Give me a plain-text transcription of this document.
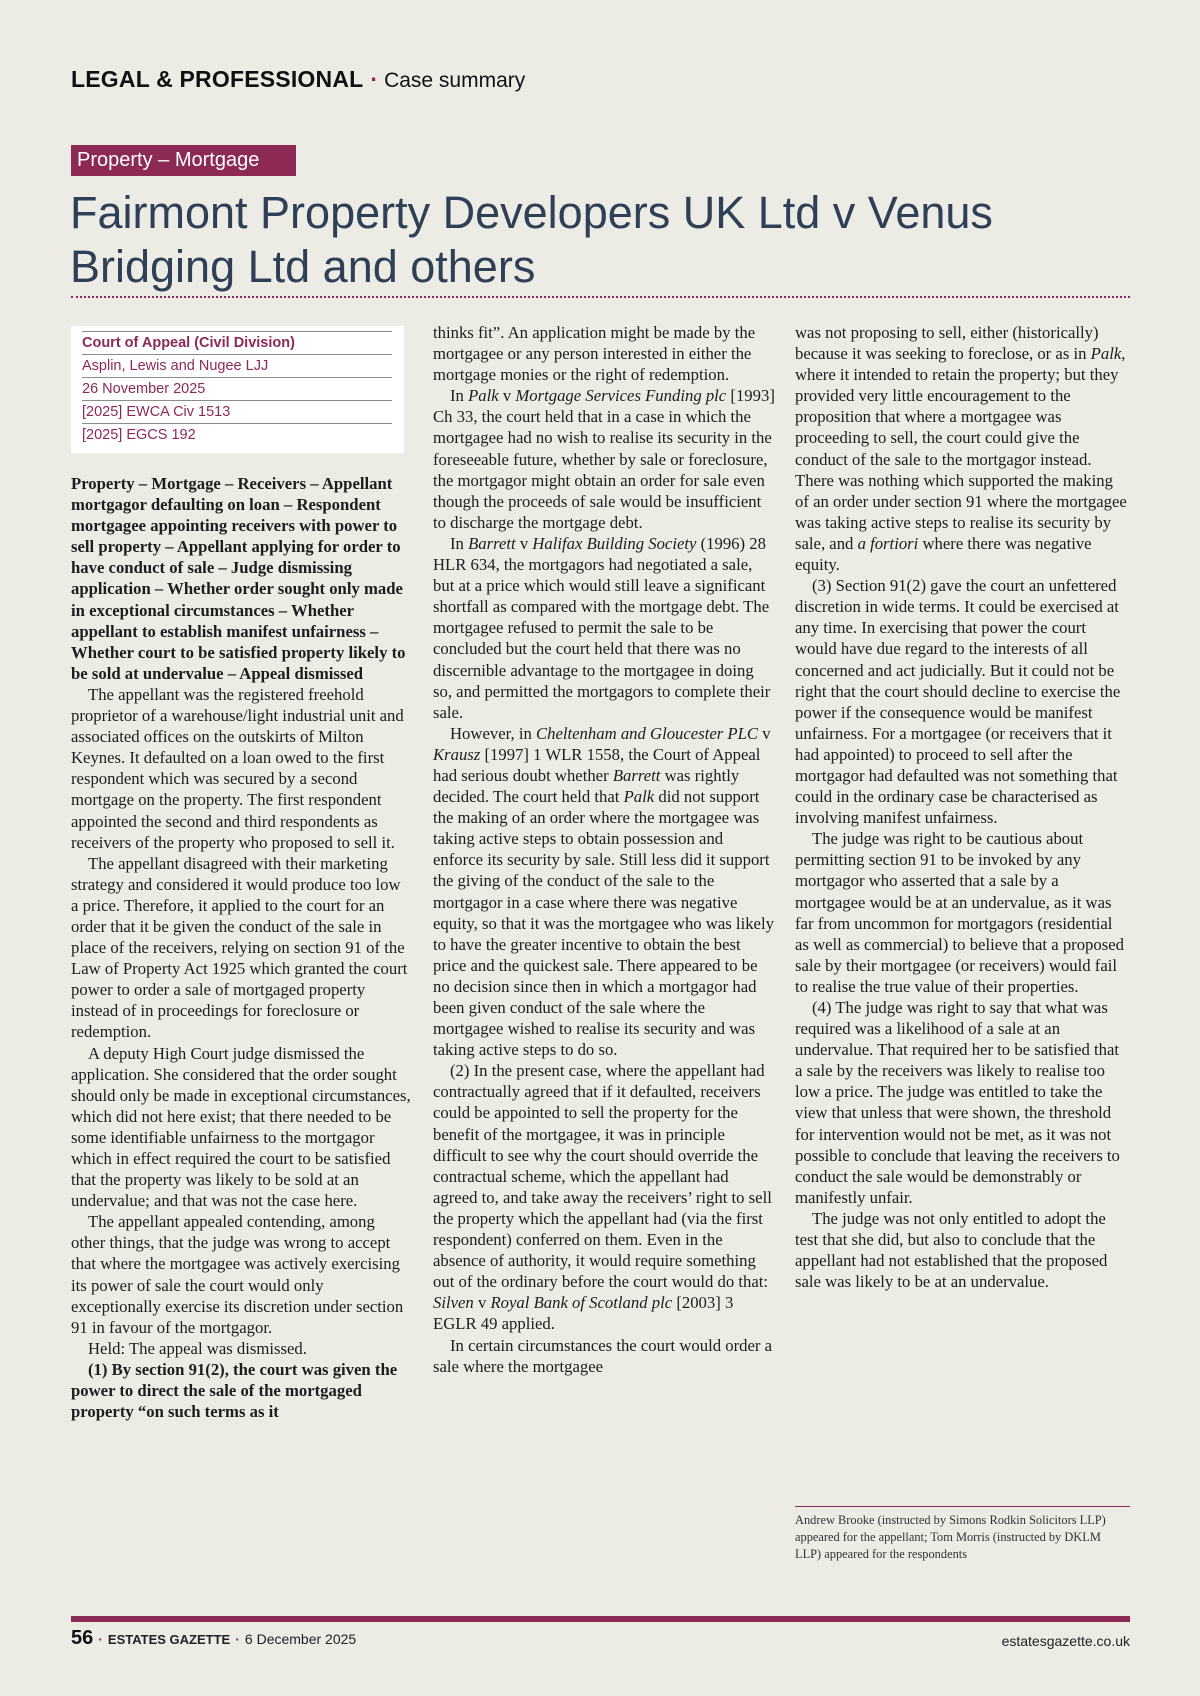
LEGAL & PROFESSIONAL · Case summary
Property – Mortgage
Fairmont Property Developers UK Ltd v Venus Bridging Ltd and others
Court of Appeal (Civil Division)
Asplin, Lewis and Nugee LJJ
26 November 2025
[2025] EWCA Civ 1513
[2025] EGCS 192

Property – Mortgage – Receivers – Appellant mortgagor defaulting on loan – Respondent mortgagee appointing receivers with power to sell property – Appellant applying for order to have conduct of sale – Judge dismissing application – Whether order sought only made in exceptional circumstances – Whether appellant to establish manifest unfairness – Whether court to be satisfied property likely to be sold at undervalue – Appeal dismissed

The appellant was the registered freehold proprietor of a warehouse/light industrial unit and associated offices on the outskirts of Milton Keynes. It defaulted on a loan owed to the first respondent which was secured by a second mortgage on the property. The first respondent appointed the second and third respondents as receivers of the property who proposed to sell it.

The appellant disagreed with their marketing strategy and considered it would produce too low a price. Therefore, it applied to the court for an order that it be given the conduct of the sale in place of the receivers, relying on section 91 of the Law of Property Act 1925 which granted the court power to order a sale of mortgaged property instead of in proceedings for foreclosure or redemption.

A deputy High Court judge dismissed the application. She considered that the order sought should only be made in exceptional circumstances, which did not here exist; that there needed to be some identifiable unfairness to the mortgagor which in effect required the court to be satisfied that the property was likely to be sold at an undervalue; and that was not the case here.

The appellant appealed contending, among other things, that the judge was wrong to accept that where the mortgagee was actively exercising its power of sale the court would only exceptionally exercise its discretion under section 91 in favour of the mortgagor.

Held: The appeal was dismissed.

(1) By section 91(2), the court was given the power to direct the sale of the mortgaged property “on such terms as it

thinks fit”. An application might be made by the mortgagee or any person interested in either the mortgage monies or the right of redemption.

In Palk v Mortgage Services Funding plc [1993] Ch 33, the court held that in a case in which the mortgagee had no wish to realise its security in the foreseeable future, whether by sale or foreclosure, the mortgagor might obtain an order for sale even though the proceeds of sale would be insufficient to discharge the mortgage debt.

In Barrett v Halifax Building Society (1996) 28 HLR 634, the mortgagors had negotiated a sale, but at a price which would still leave a significant shortfall as compared with the mortgage debt. The mortgagee refused to permit the sale to be concluded but the court held that there was no discernible advantage to the mortgagee in doing so, and permitted the mortgagors to complete their sale.

However, in Cheltenham and Gloucester PLC v Krausz [1997] 1 WLR 1558, the Court of Appeal had serious doubt whether Barrett was rightly decided. The court held that Palk did not support the making of an order where the mortgagee was taking active steps to obtain possession and enforce its security by sale. Still less did it support the giving of the conduct of the sale to the mortgagor in a case where there was negative equity, so that it was the mortgagee who was likely to have the greater incentive to obtain the best price and the quickest sale. There appeared to be no decision since then in which a mortgagor had been given conduct of the sale where the mortgagee wished to realise its security and was taking active steps to do so.

(2) In the present case, where the appellant had contractually agreed that if it defaulted, receivers could be appointed to sell the property for the benefit of the mortgagee, it was in principle difficult to see why the court should override the contractual scheme, which the appellant had agreed to, and take away the receivers’ right to sell the property which the appellant had (via the first respondent) conferred on them. Even in the absence of authority, it would require something out of the ordinary before the court would do that: Silven v Royal Bank of Scotland plc [2003] 3 EGLR 49 applied.

In certain circumstances the court would order a sale where the mortgagee

was not proposing to sell, either (historically) because it was seeking to foreclose, or as in Palk, where it intended to retain the property; but they provided very little encouragement to the proposition that where a mortgagee was proceeding to sell, the court could give the conduct of the sale to the mortgagor instead. There was nothing which supported the making of an order under section 91 where the mortgagee was taking active steps to realise its security by sale, and a fortiori where there was negative equity.

(3) Section 91(2) gave the court an unfettered discretion in wide terms. It could be exercised at any time. In exercising that power the court would have due regard to the interests of all concerned and act judicially. But it could not be right that the court should decline to exercise the power if the consequence would be manifest unfairness. For a mortgagee (or receivers that it had appointed) to proceed to sell after the mortgagor had defaulted was not something that could in the ordinary case be characterised as involving manifest unfairness.

The judge was right to be cautious about permitting section 91 to be invoked by any mortgagor who asserted that a sale by a mortgagee would be at an undervalue, as it was far from uncommon for mortgagors (residential as well as commercial) to believe that a proposed sale by their mortgagee (or receivers) would fail to realise the true value of their properties.

(4) The judge was right to say that what was required was a likelihood of a sale at an undervalue. That required her to be satisfied that a sale by the receivers was likely to realise too low a price. The judge was entitled to take the view that unless that were shown, the threshold for intervention would not be met, as it was not possible to conclude that leaving the receivers to conduct the sale would be demonstrably or manifestly unfair.

The judge was not only entitled to adopt the test that she did, but also to conclude that the appellant had not established that the proposed sale was likely to be at an undervalue.

Andrew Brooke (instructed by Simons Rodkin Solicitors LLP) appeared for the appellant; Tom Morris (instructed by DKLM LLP) appeared for the respondents
56 · ESTATES GAZETTE · 6 December 2025	estatesgazette.co.uk
